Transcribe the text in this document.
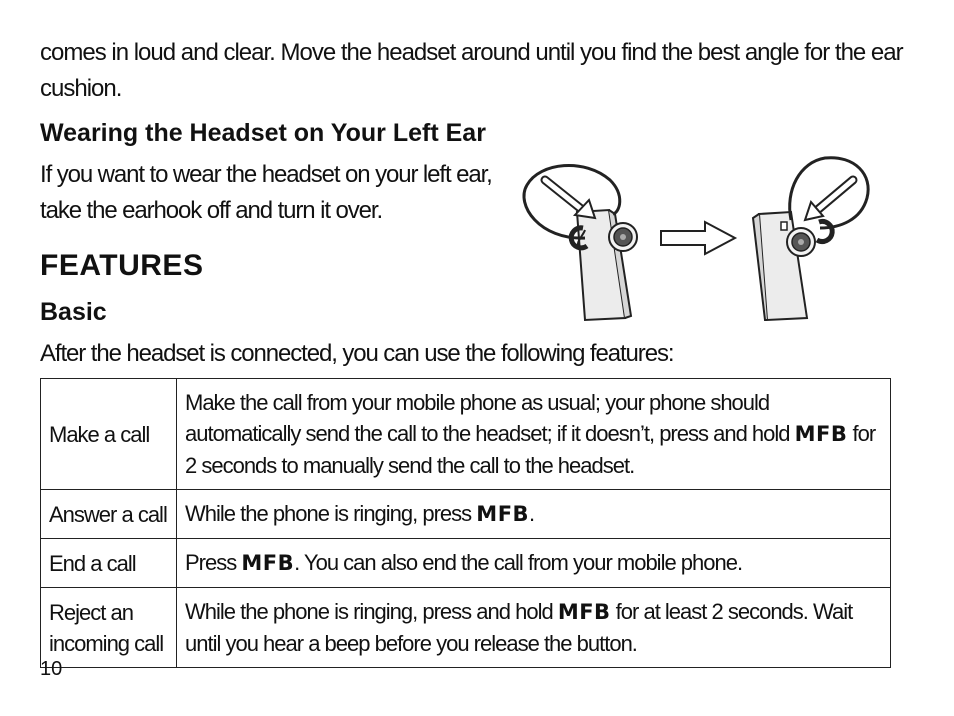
comes in loud and clear. Move the headset around until you find the best angle for the ear cushion.
Wearing the Headset on Your Left Ear
If you want to wear the headset on your left ear,
take the earhook off and turn it over.
FEATURES
Basic
After the headset is connected, you can use the following features:
Make a call	Make the call from your mobile phone as usual; your phone should automatically send the call to the headset; if it doesn’t, press and hold MFB for 2 seconds to manually send the call to the headset.
Answer a call	While the phone is ringing, press MFB.
End a call	Press MFB. You can also end the call from your mobile phone.
Reject an incoming call	While the phone is ringing, press and hold MFB for at least 2 seconds. Wait until you hear a beep before you release the button.
10
